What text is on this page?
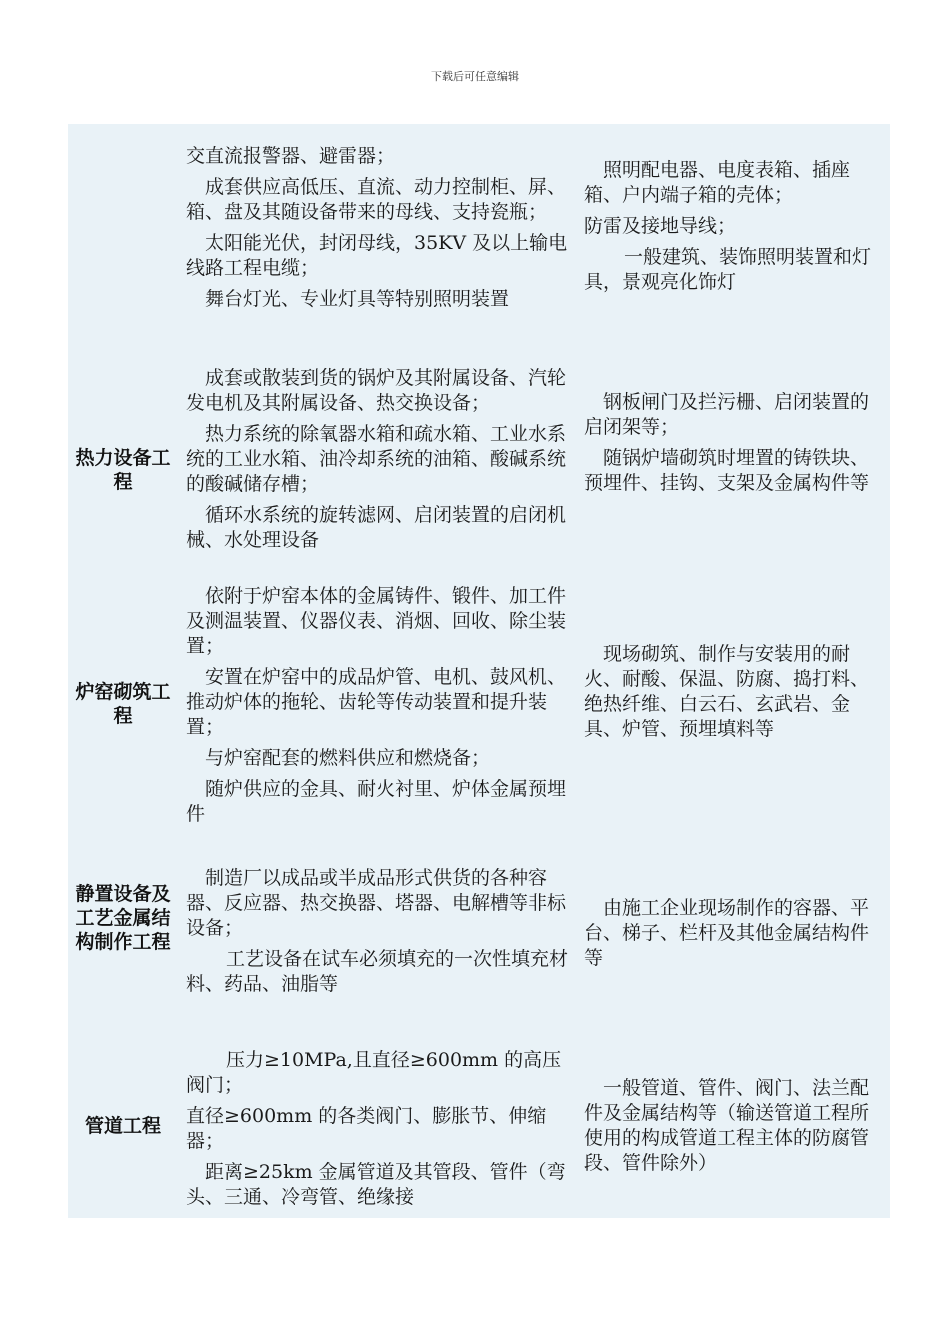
下载后可任意编辑

交直流报警器、避雷器；

成套供应高低压、直流、动力控制柜、屏、箱、盘及其随设备带来的母线、支持瓷瓶；

太阳能光伏，封闭母线，35KV 及以上输电线路工程电缆；

舞台灯光、专业灯具等特别照明装置

照明配电器、电度表箱、插座箱、户内端子箱的壳体；

防雷及接地导线；

一般建筑、装饰照明装置和灯具，景观亮化饰灯

热力设备工程

成套或散装到货的锅炉及其附属设备、汽轮发电机及其附属设备、热交换设备；

热力系统的除氧器水箱和疏水箱、工业水系统的工业水箱、油冷却系统的油箱、酸碱系统的酸碱储存槽；

循环水系统的旋转滤网、启闭装置的启闭机械、水处理设备

钢板闸门及拦污栅、启闭装置的启闭架等；

随锅炉墙砌筑时埋置的铸铁块、预埋件、挂钩、支架及金属构件等

炉窑砌筑工程

依附于炉窑本体的金属铸件、锻件、加工件及测温装置、仪器仪表、消烟、回收、除尘装置；

安置在炉窑中的成品炉管、电机、鼓风机、推动炉体的拖轮、齿轮等传动装置和提升装置；

与炉窑配套的燃料供应和燃烧备；

随炉供应的金具、耐火衬里、炉体金属预埋件

现场砌筑、制作与安装用的耐火、耐酸、保温、防腐、捣打料、绝热纤维、白云石、玄武岩、金具、炉管、预埋填料等

静置设备及工艺金属结构制作工程

制造厂以成品或半成品形式供货的各种容器、反应器、热交换器、塔器、电解槽等非标设备；

工艺设备在试车必须填充的一次性填充材料、药品、油脂等

由施工企业现场制作的容器、平台、梯子、栏杆及其他金属结构件等

管道工程

压力≥10MPa,且直径≥600mm 的高压阀门；

直径≥600mm 的各类阀门、膨胀节、伸缩器；

距离≥25km 金属管道及其管段、管件（弯头、三通、冷弯管、绝缘接

一般管道、管件、阀门、法兰配件及金属结构等（输送管道工程所使用的构成管道工程主体的防腐管段、管件除外）
